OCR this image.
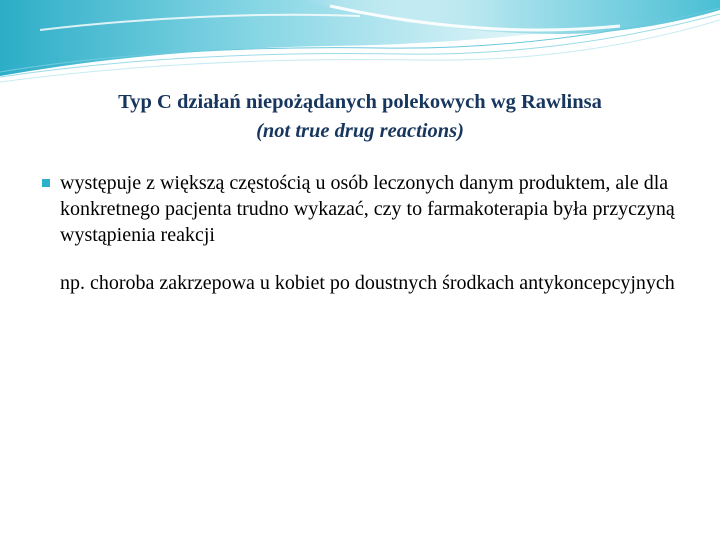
Typ C działań niepożądanych polekowych wg Rawlinsa
(not true drug reactions)
występuje z większą częstością u osób leczonych danym produktem, ale dla konkretnego pacjenta trudno wykazać, czy to farmakoterapia była przyczyną wystąpienia reakcji
np. choroba zakrzepowa u kobiet po doustnych środkach antykoncepcyjnych
